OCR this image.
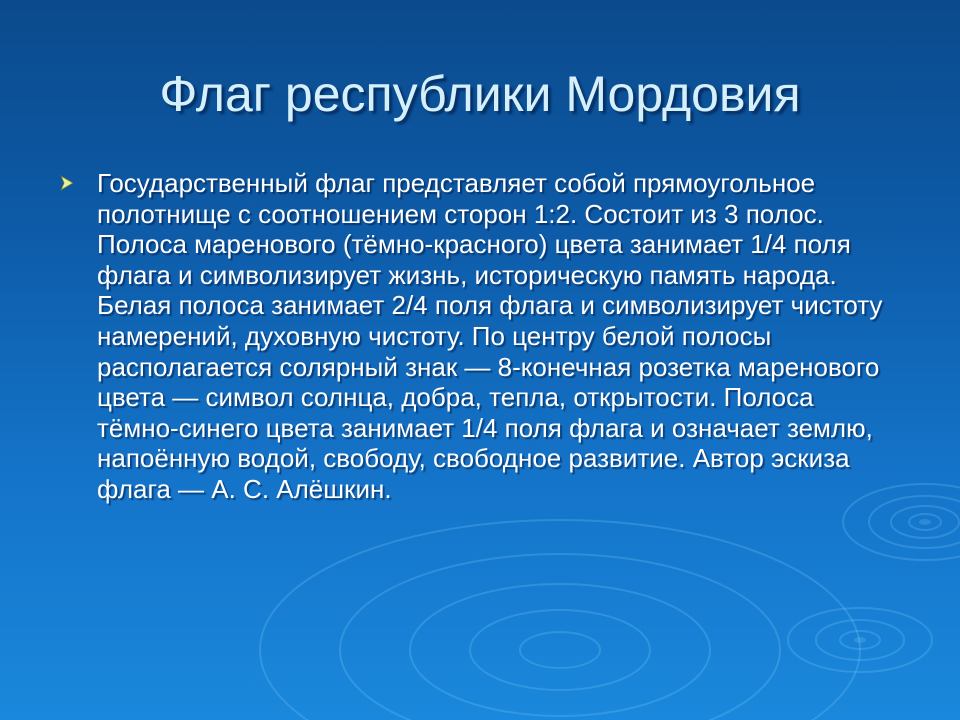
Флаг республики Мордовия
Государственный флаг представляет собой прямоугольное полотнище с соотношением сторон 1:2. Состоит из 3 полос. Полоса маренового (тёмно-красного) цвета занимает 1/4 поля флага и символизирует жизнь, историческую память народа. Белая полоса занимает 2/4 поля флага и символизирует чистоту намерений, духовную чистоту. По центру белой полосы располагается солярный знак — 8-конечная розетка маренового цвета — символ солнца, добра, тепла, открытости. Полоса тёмно-синего цвета занимает 1/4 поля флага и означает землю, напоённую водой, свободу, свободное развитие. Автор эскиза флага — А. С. Алёшкин.
